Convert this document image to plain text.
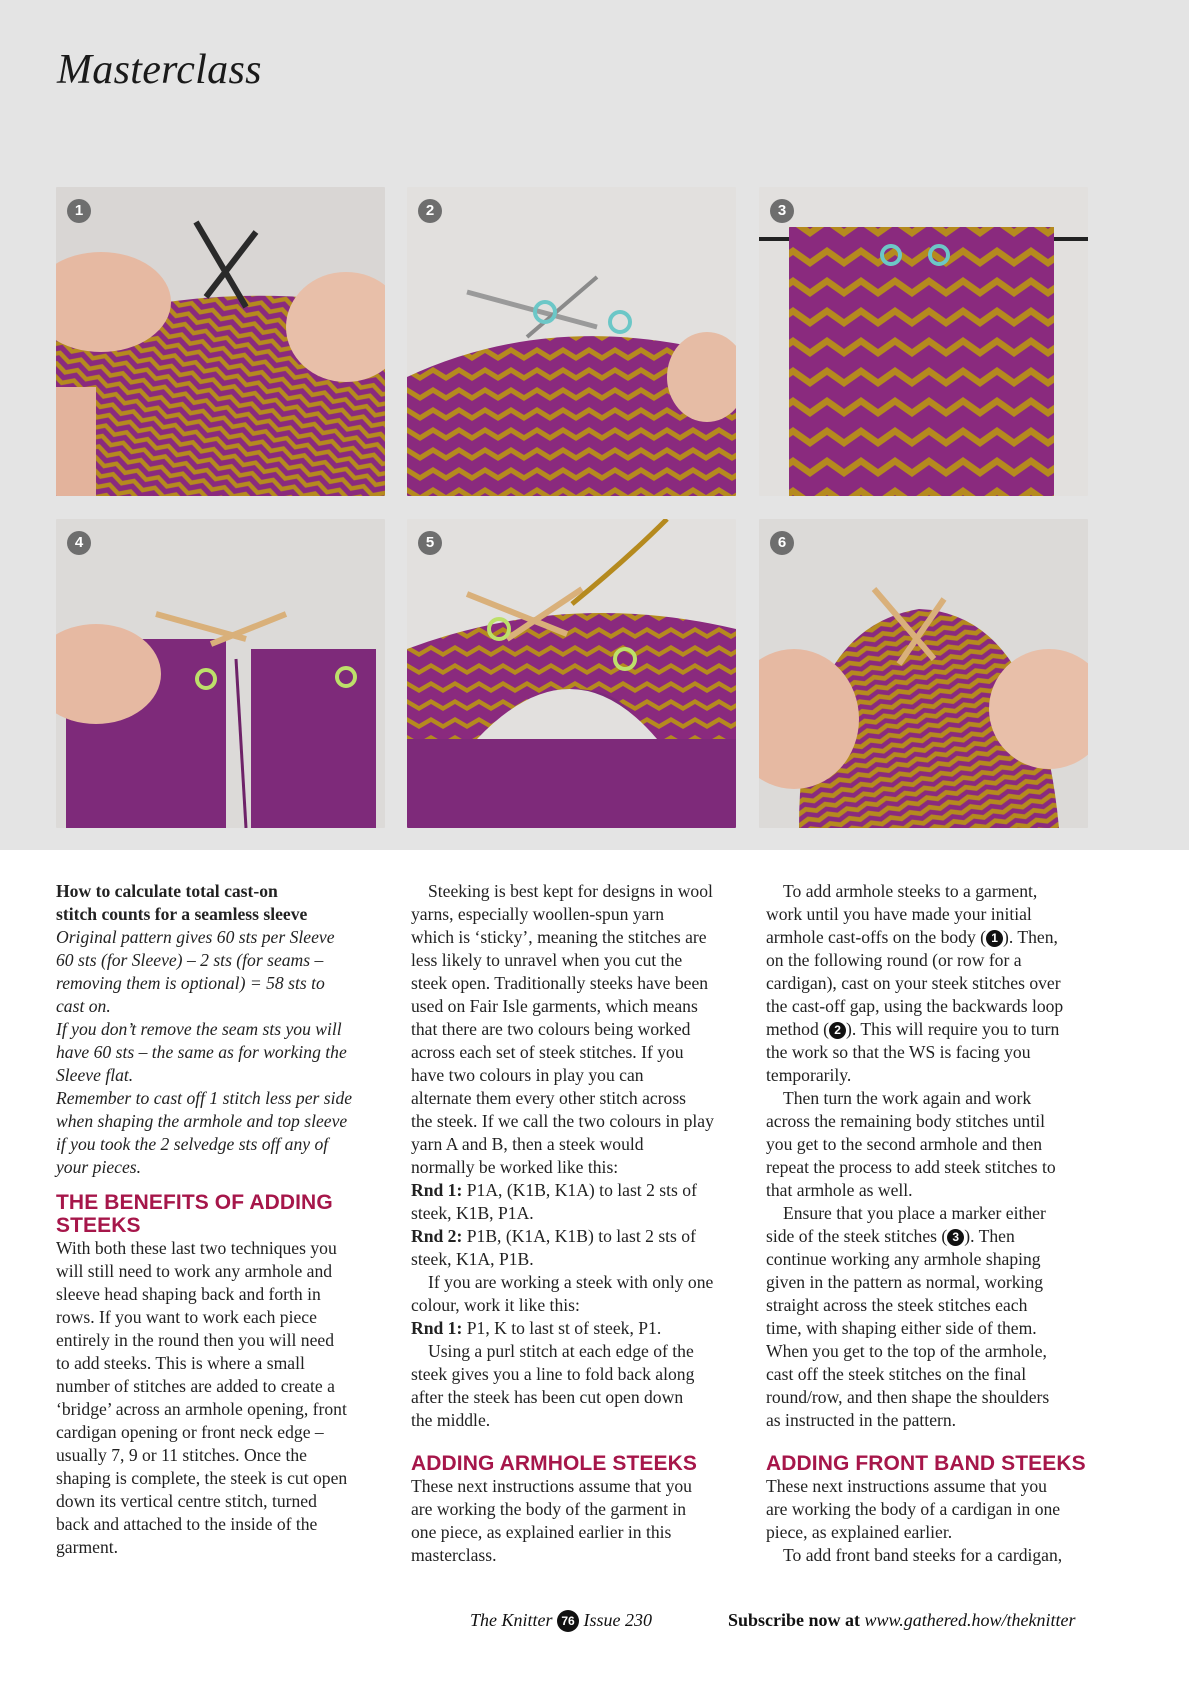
Masterclass
1	2	3
4	5	6

How to calculate total cast-on

stitch counts for a seamless sleeve

Original pattern gives 60 sts per Sleeve

60 sts (for Sleeve) – 2 sts (for seams –

removing them is optional) = 58 sts to

cast on.

If you don’t remove the seam sts you will

have 60 sts – the same as for working the

Sleeve flat.

Remember to cast off 1 stitch less per side

when shaping the armhole and top sleeve

if you took the 2 selvedge sts off any of

your pieces.

THE BENEFITS OF ADDING

STEEKS

With both these last two techniques you

will still need to work any armhole and

sleeve head shaping back and forth in

rows. If you want to work each piece

entirely in the round then you will need

to add steeks. This is where a small

number of stitches are added to create a

‘bridge’ across an armhole opening, front

cardigan opening or front neck edge –

usually 7, 9 or 11 stitches. Once the

shaping is complete, the steek is cut open

down its vertical centre stitch, turned

back and attached to the inside of the

garment.

Steeking is best kept for designs in wool

yarns, especially woollen-spun yarn

which is ‘sticky’, meaning the stitches are

less likely to unravel when you cut the

steek open. Traditionally steeks have been

used on Fair Isle garments, which means

that there are two colours being worked

across each set of steek stitches. If you

have two colours in play you can

alternate them every other stitch across

the steek. If we call the two colours in play

yarn A and B, then a steek would

normally be worked like this:

Rnd 1: P1A, (K1B, K1A) to last 2 sts of

steek, K1B, P1A.

Rnd 2: P1B, (K1A, K1B) to last 2 sts of

steek, K1A, P1B.

If you are working a steek with only one

colour, work it like this:

Rnd 1: P1, K to last st of steek, P1.

Using a purl stitch at each edge of the

steek gives you a line to fold back along

after the steek has been cut open down

the middle.

ADDING ARMHOLE STEEKS

These next instructions assume that you

are working the body of the garment in

one piece, as explained earlier in this

masterclass.

To add armhole steeks to a garment,

work until you have made your initial

armhole cast-offs on the body ( 1 ). Then,

on the following round (or row for a

cardigan), cast on your steek stitches over

the cast-off gap, using the backwards loop

method ( 2 ). This will require you to turn

the work so that the WS is facing you

temporarily.

Then turn the work again and work

across the remaining body stitches until

you get to the second armhole and then

repeat the process to add steek stitches to

that armhole as well.

Ensure that you place a marker either

side of the steek stitches ( 3 ). Then

continue working any armhole shaping

given in the pattern as normal, working

straight across the steek stitches each

time, with shaping either side of them.

When you get to the top of the armhole,

cast off the steek stitches on the final

round/row, and then shape the shoulders

as instructed in the pattern.

ADDING FRONT BAND STEEKS

These next instructions assume that you

are working the body of a cardigan in one

piece, as explained earlier.

To add front band steeks for a cardigan,

The Knitter 76 Issue 230	Subscribe now at www.gathered.how/theknitter
